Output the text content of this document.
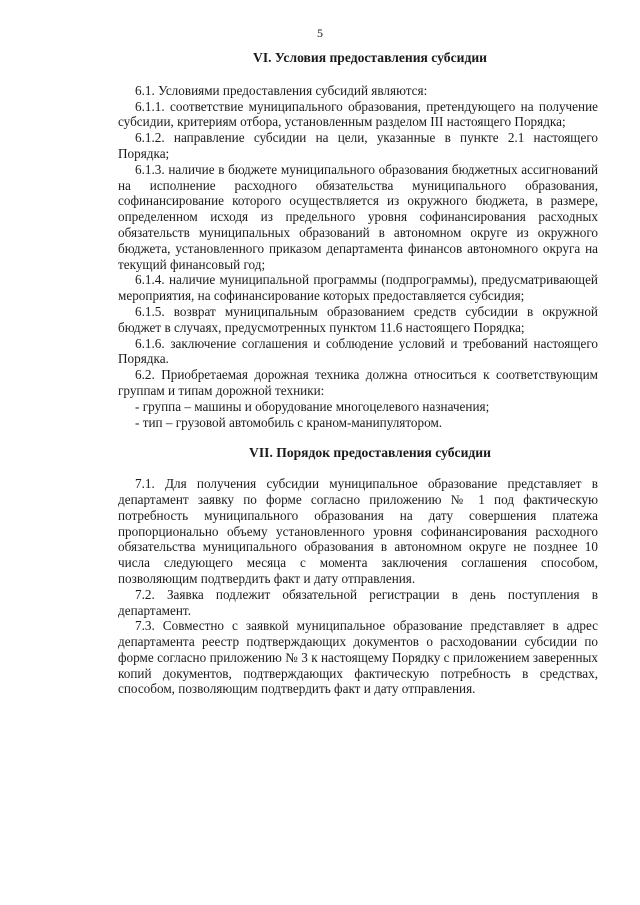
5
VI. Условия предоставления субсидии

6.1. Условиями предоставления субсидий являются:

6.1.1. соответствие муниципального образования, претендующего на получение субсидии, критериям отбора, установленным разделом III настоящего Порядка;

6.1.2. направление субсидии на цели, указанные в пункте 2.1 настоящего Порядка;

6.1.3. наличие в бюджете муниципального образования бюджетных ассигнований на исполнение расходного обязательства муниципального образования, софинансирование которого осуществляется из окружного бюджета, в размере, определенном исходя из предельного уровня софинансирования расходных обязательств муниципальных образований в автономном округе из окружного бюджета, установленного приказом департамента финансов автономного округа на текущий финансовый год;

6.1.4. наличие муниципальной программы (подпрограммы), предусматривающей мероприятия, на софинансирование которых предоставляется субсидия;

6.1.5. возврат муниципальным образованием средств субсидии в окружной бюджет в случаях, предусмотренных пунктом 11.6 настоящего Порядка;

6.1.6. заключение соглашения и соблюдение условий и требований настоящего Порядка.

6.2. Приобретаемая дорожная техника должна относиться к соответствующим группам и типам дорожной техники:

- группа – машины и оборудование многоцелевого назначения;

- тип – грузовой автомобиль с краном-манипулятором.

VII. Порядок предоставления субсидии

7.1. Для получения субсидии муниципальное образование представляет в департамент заявку по форме согласно приложению № 1 под фактическую потребность муниципального образования на дату совершения платежа пропорционально объему установленного уровня софинансирования расходного обязательства муниципального образования в автономном округе не позднее 10 числа следующего месяца с момента заключения соглашения способом, позволяющим подтвердить факт и дату отправления.

7.2. Заявка подлежит обязательной регистрации в день поступления в департамент.

7.3. Совместно с заявкой муниципальное образование представляет в адрес департамента реестр подтверждающих документов о расходовании субсидии по форме согласно приложению № 3 к настоящему Порядку с приложением заверенных копий документов, подтверждающих фактическую потребность в средствах, способом, позволяющим подтвердить факт и дату отправления.
